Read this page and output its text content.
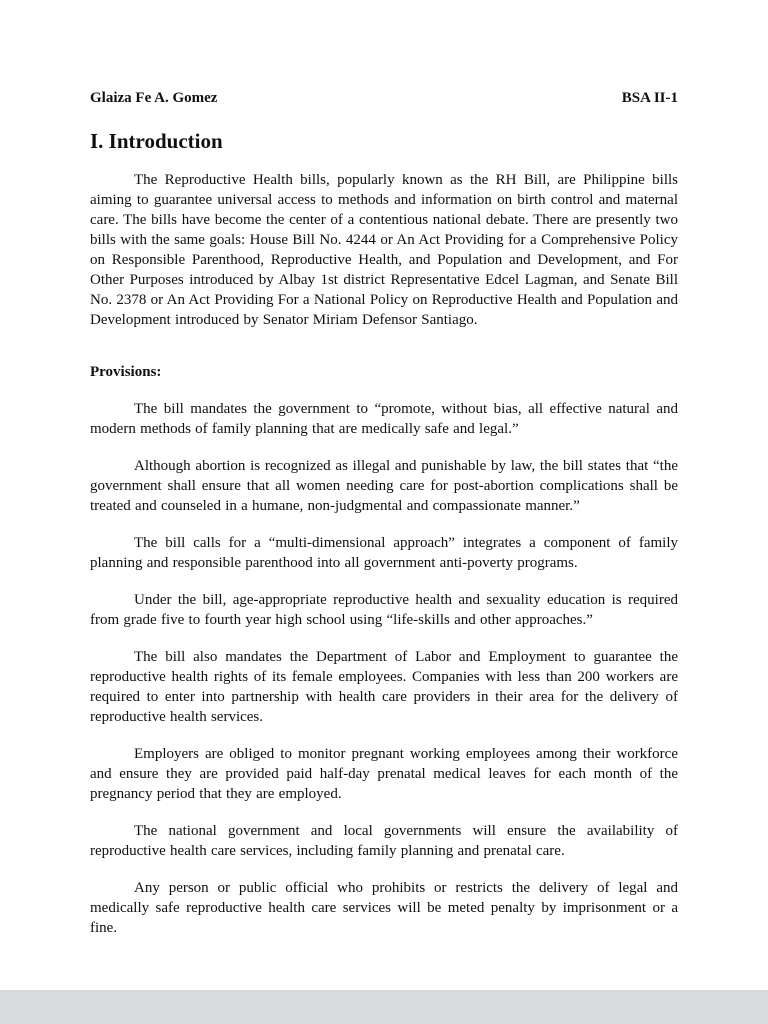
Glaiza Fe A. Gomez	BSA II-1
I. Introduction

The Reproductive Health bills, popularly known as the RH Bill, are Philippine bills aiming to guarantee universal access to methods and information on birth control and maternal care. The bills have become the center of a contentious national debate. There are presently two bills with the same goals: House Bill No. 4244 or An Act Providing for a Comprehensive Policy on Responsible Parenthood, Reproductive Health, and Population and Development, and For Other Purposes introduced by Albay 1st district Representative Edcel Lagman, and Senate Bill No. 2378 or An Act Providing For a National Policy on Reproductive Health and Population and Development introduced by Senator Miriam Defensor Santiago.

Provisions:

The bill mandates the government to “promote, without bias, all effective natural and modern methods of family planning that are medically safe and legal.”

Although abortion is recognized as illegal and punishable by law, the bill states that “the government shall ensure that all women needing care for post-abortion complications shall be treated and counseled in a humane, non-judgmental and compassionate manner.”

The bill calls for a “multi-dimensional approach” integrates a component of family planning and responsible parenthood into all government anti-poverty programs.

Under the bill, age-appropriate reproductive health and sexuality education is required from grade five to fourth year high school using “life-skills and other approaches.”

The bill also mandates the Department of Labor and Employment to guarantee the reproductive health rights of its female employees. Companies with less than 200 workers are required to enter into partnership with health care providers in their area for the delivery of reproductive health services.

Employers are obliged to monitor pregnant working employees among their workforce and ensure they are provided paid half-day prenatal medical leaves for each month of the pregnancy period that they are employed.

The national government and local governments will ensure the availability of reproductive health care services, including family planning and prenatal care.

Any person or public official who prohibits or restricts the delivery of legal and medically safe reproductive health care services will be meted penalty by imprisonment or a fine.
